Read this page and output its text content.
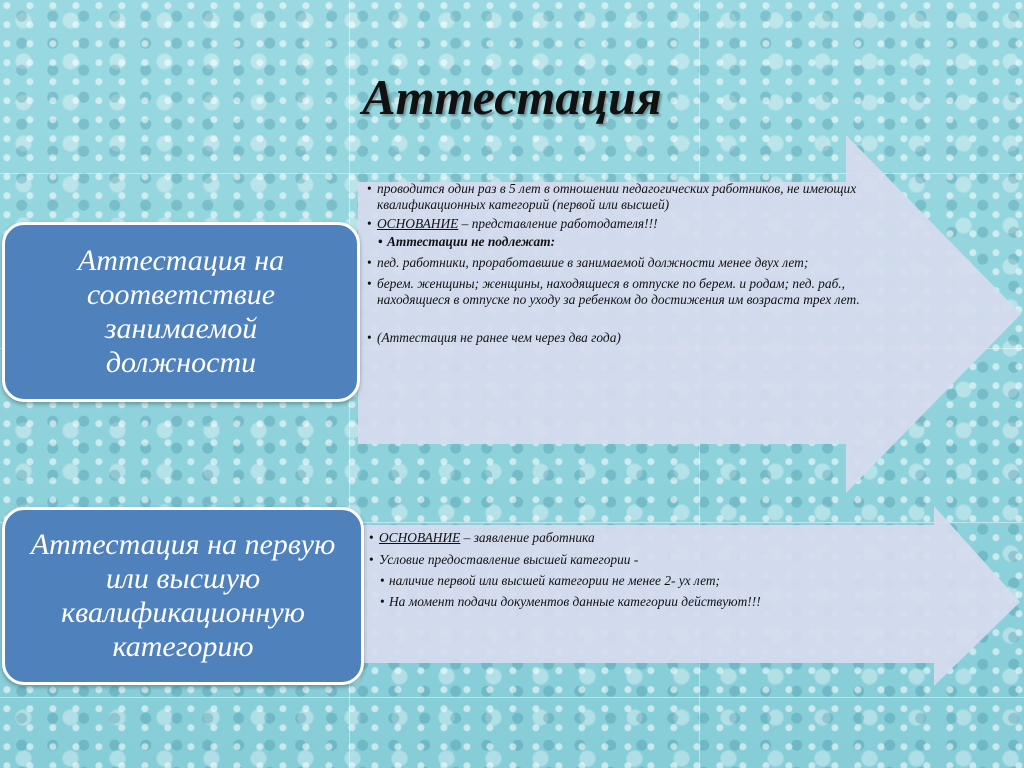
Аттестация
Аттестация на соответствие занимаемой должности
• проводится один раз в 5 лет в отношении педагогических работников, не имеющих квалификационных категорий (первой или высшей)
• ОСНОВАНИЕ – представление работодателя!!!
• Аттестации не подлежат:
• пед. работники, проработавшие в занимаемой должности менее двух лет;
• берем. женщины; женщины, находящиеся в отпуске по берем. и родам; пед. раб., находящиеся в отпуске по уходу за ребенком до достижения им возраста трех лет.
• (Аттестация не ранее чем через два года)
Аттестация на первую или высшую квалификационную категорию
• ОСНОВАНИЕ – заявление работника
• Условие предоставление высшей категории -
• наличие первой или высшей категории не менее 2- ух лет;
• На момент подачи документов данные категории действуют!!!
